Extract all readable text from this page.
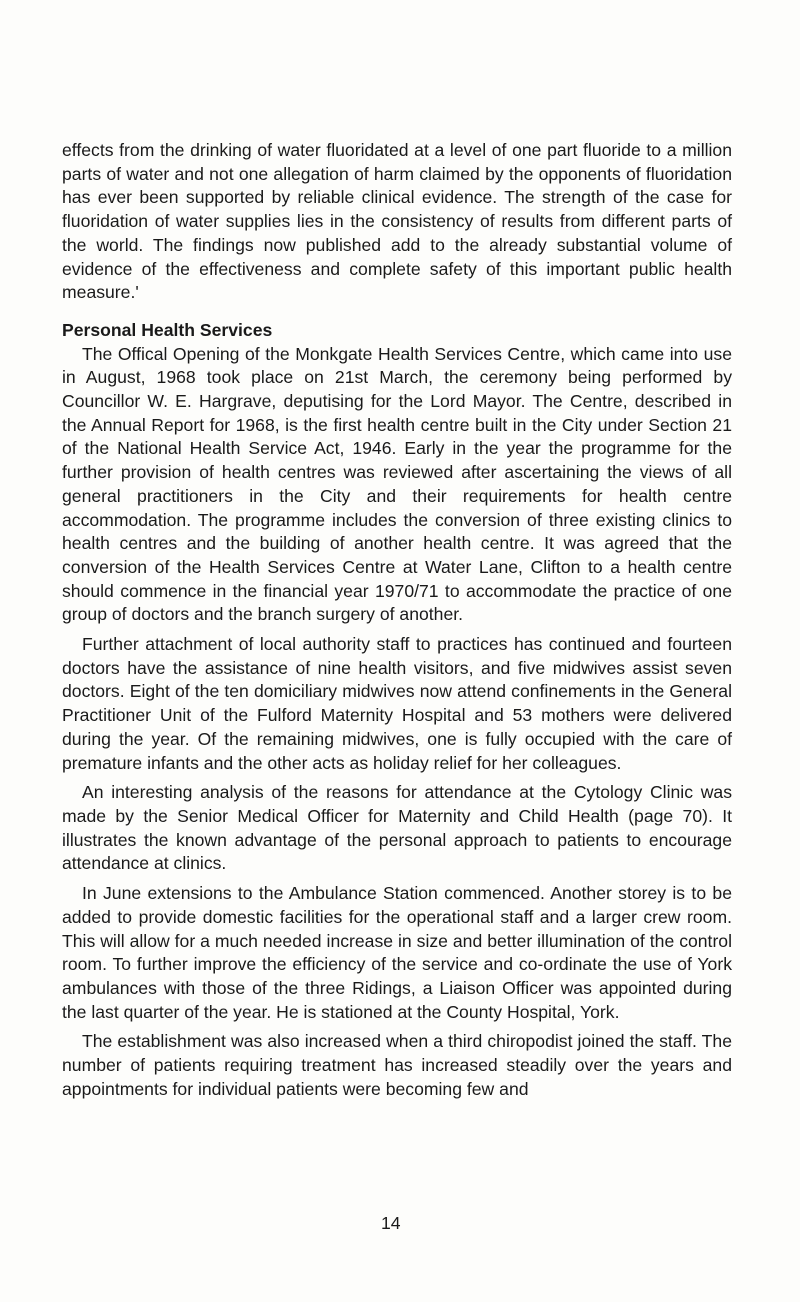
effects from the drinking of water fluoridated at a level of one part fluoride to a million parts of water and not one allegation of harm claimed by the opponents of fluoridation has ever been supported by reliable clinical evidence. The strength of the case for fluoridation of water supplies lies in the consistency of results from different parts of the world. The findings now published add to the already substantial volume of evidence of the effectiveness and complete safety of this important public health measure.'

Personal Health Services

The Offical Opening of the Monkgate Health Services Centre, which came into use in August, 1968 took place on 21st March, the ceremony being performed by Councillor W. E. Hargrave, deputising for the Lord Mayor. The Centre, described in the Annual Report for 1968, is the first health centre built in the City under Section 21 of the National Health Service Act, 1946. Early in the year the programme for the further provision of health centres was reviewed after ascertaining the views of all general practitioners in the City and their requirements for health centre accommodation. The programme includes the conversion of three existing clinics to health centres and the building of another health centre. It was agreed that the conversion of the Health Services Centre at Water Lane, Clifton to a health centre should commence in the financial year 1970/71 to accommodate the practice of one group of doctors and the branch surgery of another.

Further attachment of local authority staff to practices has continued and fourteen doctors have the assistance of nine health visitors, and five midwives assist seven doctors. Eight of the ten domiciliary midwives now attend confinements in the General Practitioner Unit of the Fulford Maternity Hospital and 53 mothers were delivered during the year. Of the remaining midwives, one is fully occupied with the care of premature infants and the other acts as holiday relief for her colleagues.

An interesting analysis of the reasons for attendance at the Cytology Clinic was made by the Senior Medical Officer for Maternity and Child Health (page 70). It illustrates the known advantage of the personal approach to patients to encourage attendance at clinics.

In June extensions to the Ambulance Station commenced. Another storey is to be added to provide domestic facilities for the operational staff and a larger crew room. This will allow for a much needed increase in size and better illumination of the control room. To further improve the efficiency of the service and co-ordinate the use of York ambulances with those of the three Ridings, a Liaison Officer was appointed during the last quarter of the year. He is stationed at the County Hospital, York.

The establishment was also increased when a third chiropodist joined the staff. The number of patients requiring treatment has increased steadily over the years and appointments for individual patients were becoming few and

14
